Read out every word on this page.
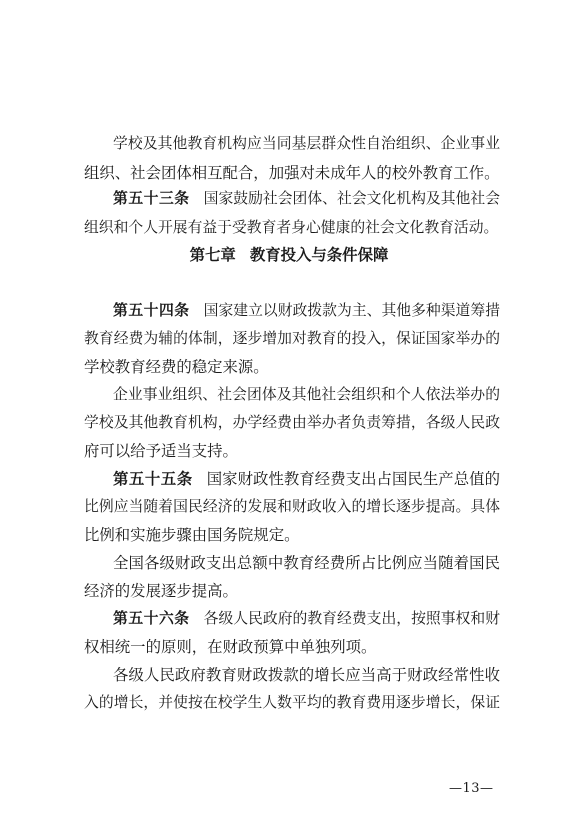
学校及其他教育机构应当同基层群众性自治组织、企业事业
组织、社会团体相互配合，加强对未成年人的校外教育工作。
第五十三条 国家鼓励社会团体、社会文化机构及其他社会
组织和个人开展有益于受教育者身心健康的社会文化教育活动。
第七章 教育投入与条件保障
第五十四条 国家建立以财政拨款为主、其他多种渠道筹措
教育经费为辅的体制，逐步增加对教育的投入，保证国家举办的
学校教育经费的稳定来源。
企业事业组织、社会团体及其他社会组织和个人依法举办的
学校及其他教育机构，办学经费由举办者负责筹措，各级人民政
府可以给予适当支持。
第五十五条 国家财政性教育经费支出占国民生产总值的
比例应当随着国民经济的发展和财政收入的增长逐步提高。具体
比例和实施步骤由国务院规定。
全国各级财政支出总额中教育经费所占比例应当随着国民
经济的发展逐步提高。
第五十六条 各级人民政府的教育经费支出，按照事权和财
权相统一的原则，在财政预算中单独列项。
各级人民政府教育财政拨款的增长应当高于财政经常性收
入的增长，并使按在校学生人数平均的教育费用逐步增长，保证
—13—
